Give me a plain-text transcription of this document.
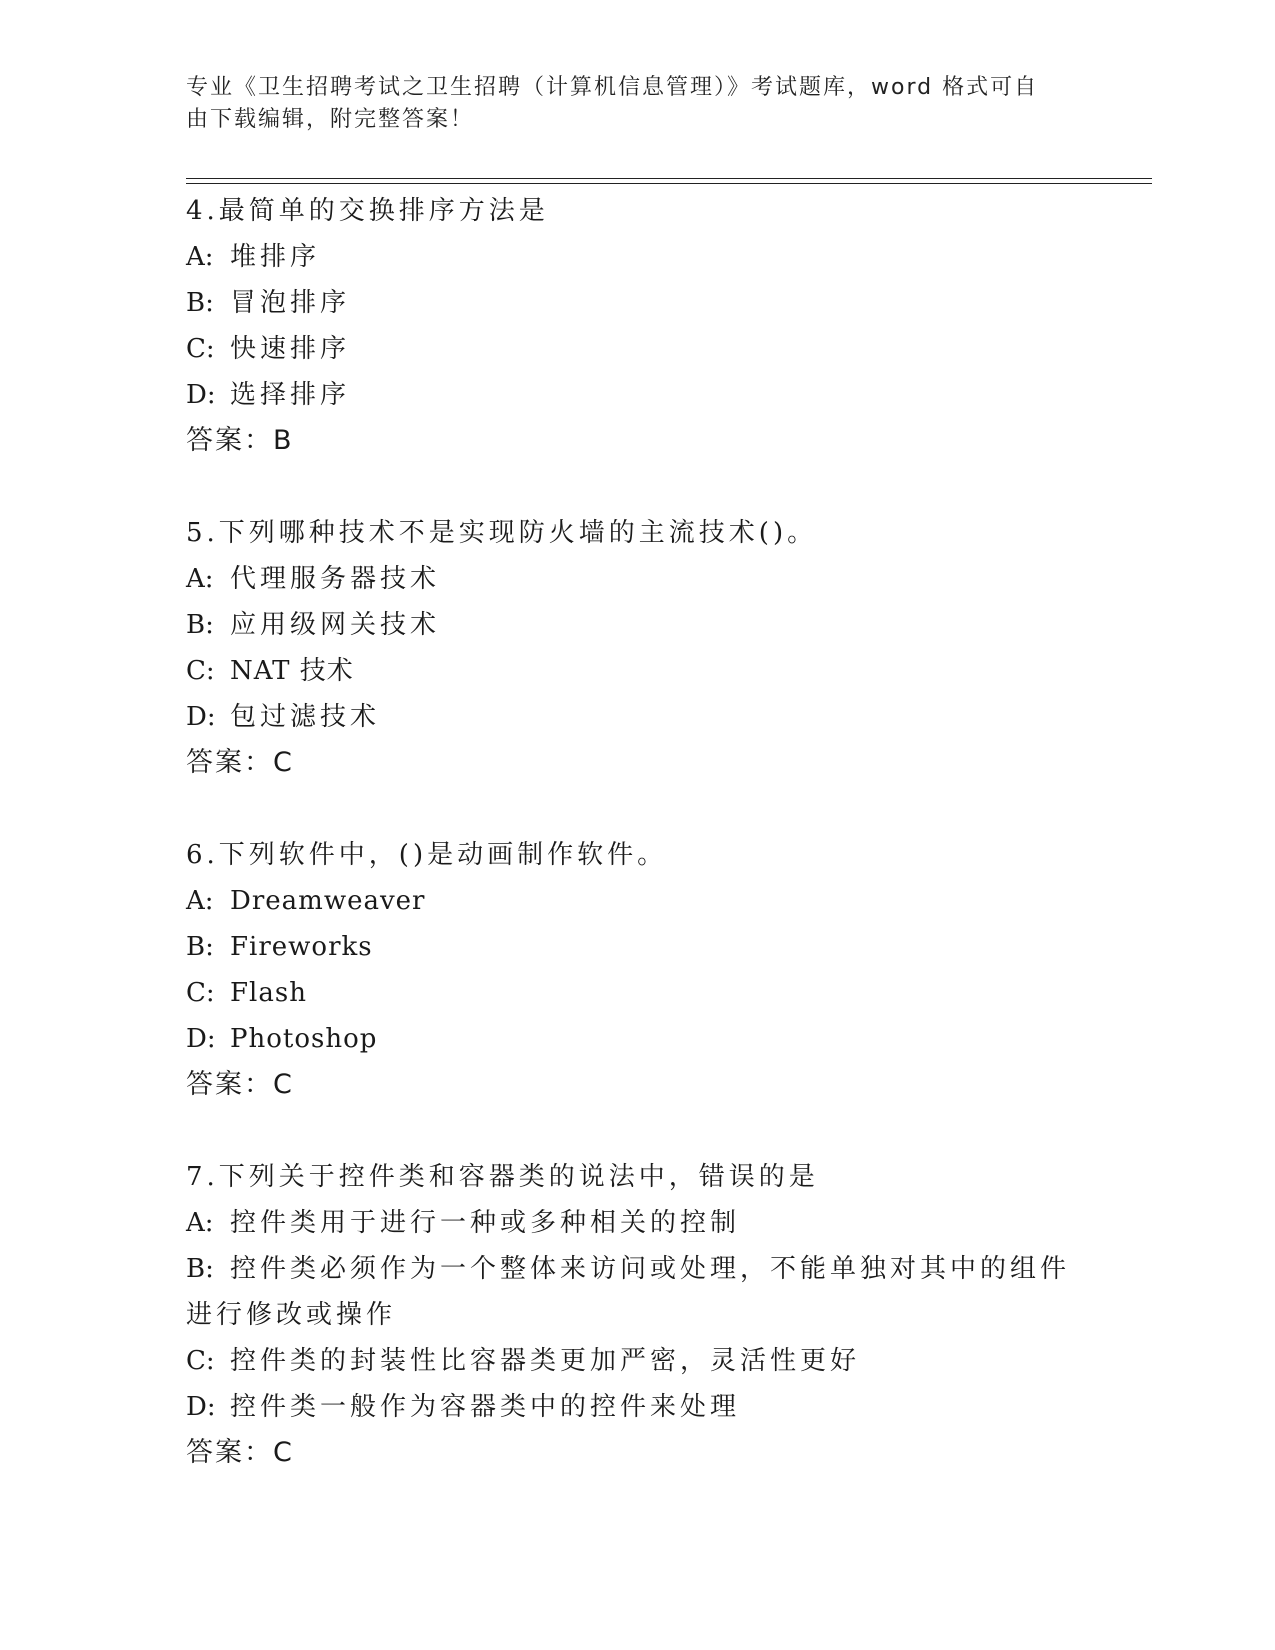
专业《卫生招聘考试之卫生招聘（计算机信息管理）》考试题库，word 格式可自
由下载编辑，附完整答案！
4.最简单的交换排序方法是
A: 堆排序
B: 冒泡排序
C: 快速排序
D: 选择排序
答案：B
5.下列哪种技术不是实现防火墙的主流技术()。
A: 代理服务器技术
B: 应用级网关技术
C: NAT 技术
D: 包过滤技术
答案：C
6.下列软件中，()是动画制作软件。
A: Dreamweaver
B: Fireworks
C: Flash
D: Photoshop
答案：C
7.下列关于控件类和容器类的说法中，错误的是
A: 控件类用于进行一种或多种相关的控制
B: 控件类必须作为一个整体来访问或处理，不能单独对其中的组件进行修改或操作
C: 控件类的封装性比容器类更加严密，灵活性更好
D: 控件类一般作为容器类中的控件来处理
答案：C
